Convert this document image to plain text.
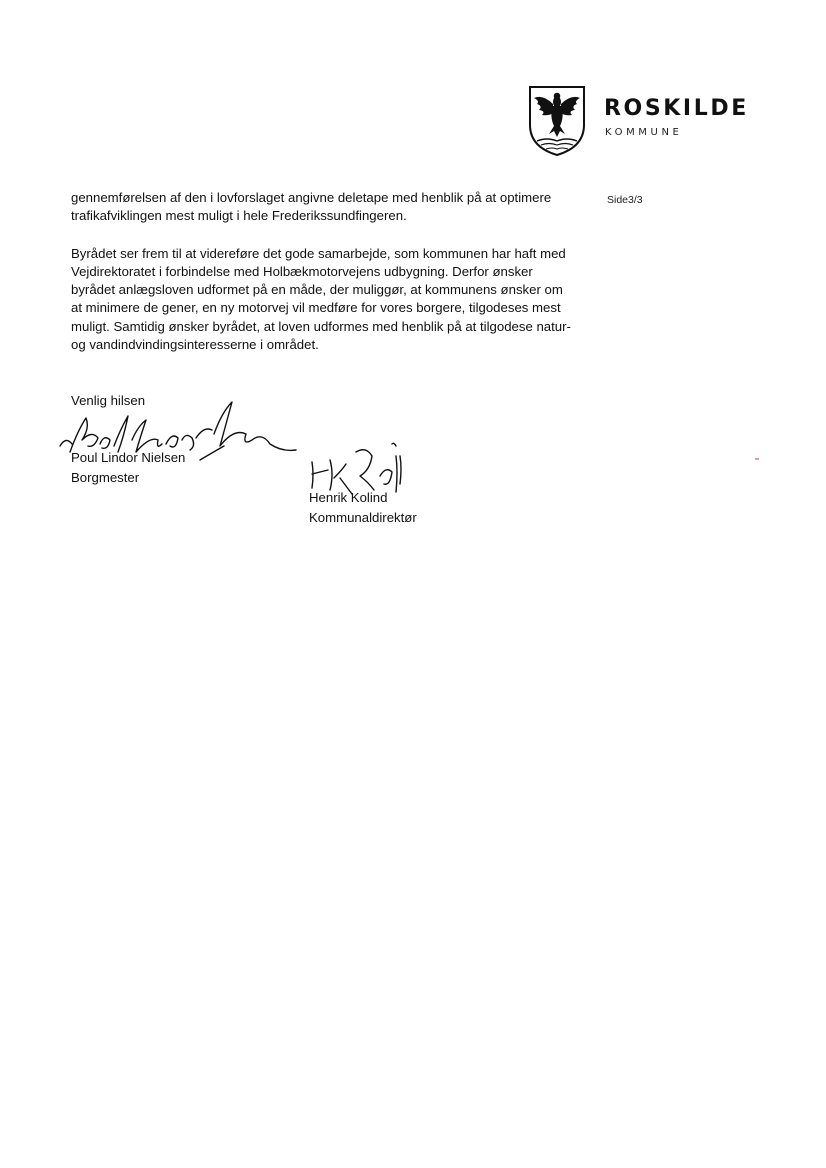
ROSKILDE
KOMMUNE
Side3/3

gennemførelsen af den i lovforslaget angivne deletape med henblik på at optimere
trafikafviklingen mest muligt i hele Frederikssundfingeren.

Byrådet ser frem til at videreføre det gode samarbejde, som kommunen har haft med
Vejdirektoratet i forbindelse med Holbækmotorvejens udbygning. Derfor ønsker
byrådet anlægsloven udformet på en måde, der muliggør, at kommunens ønsker om
at minimere de gener, en ny motorvej vil medføre for vores borgere, tilgodeses mest
muligt. Samtidig ønsker byrådet, at loven udformes med henblik på at tilgodese natur-
og vandindvindingsinteresserne i området.

Venlig hilsen
Poul Lindor Nielsen
Borgmester
Henrik Kolind
Kommunaldirektør
